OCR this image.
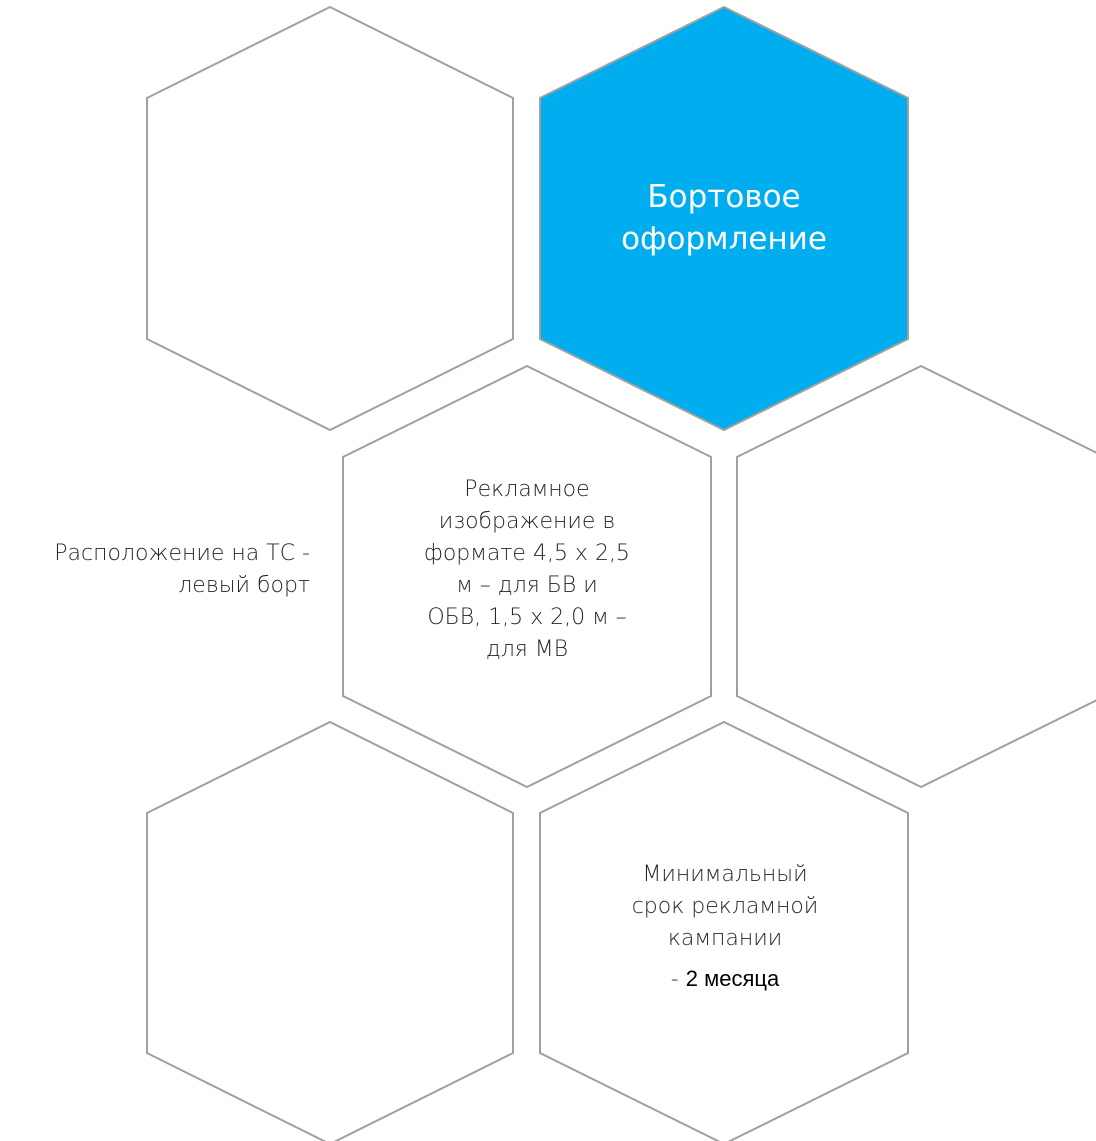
Бортовое
оформление
Рекламное
изображение в
формате 4,5 х 2,5
м – для БВ и
ОБВ, 1,5 х 2,0 м –
для МВ
Расположение на ТС -
левый борт
Минимальный
срок рекламной
кампании
- 2 месяца
